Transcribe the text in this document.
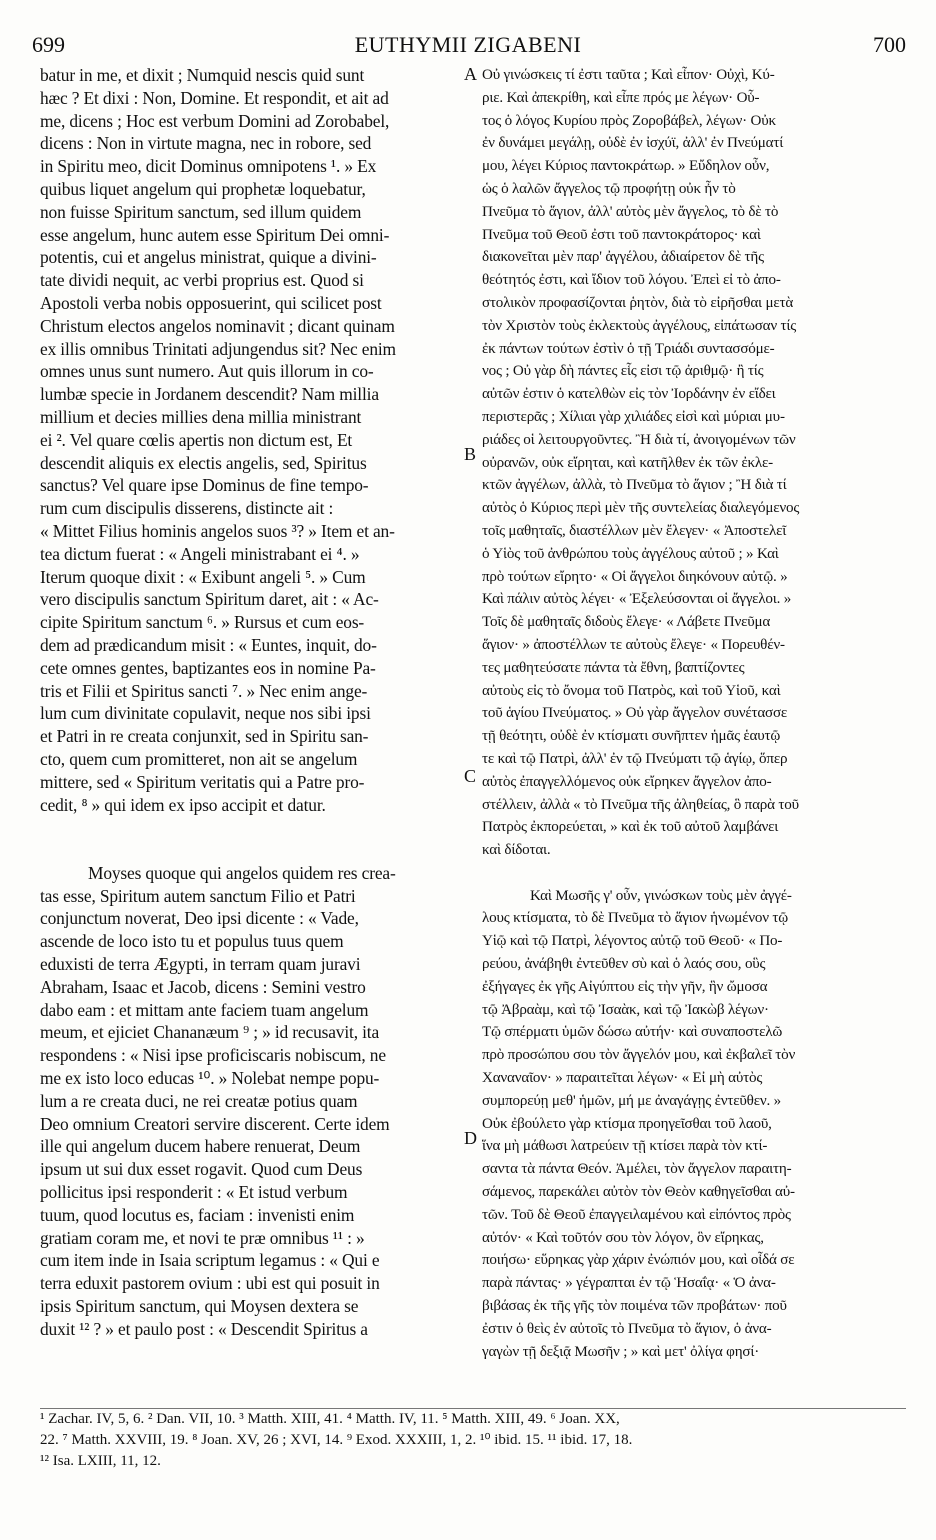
699	EUTHYMII ZIGABENI	700
batur in me, et dixit ; Numquid nescis quid sunt
hæc ? Et dixi : Non, Domine. Et respondit, et ait ad
me, dicens ; Hoc est verbum Domini ad Zorobabel,
dicens : Non in virtute magna, nec in robore, sed
in Spiritu meo, dicit Dominus omnipotens ¹. » Ex
quibus liquet angelum qui prophetæ loquebatur,
non fuisse Spiritum sanctum, sed illum quidem
esse angelum, hunc autem esse Spiritum Dei omni-
potentis, cui et angelus ministrat, quique a divini-
tate dividi nequit, ac verbi proprius est. Quod si
Apostoli verba nobis opposuerint, qui scilicet post
Christum electos angelos nominavit ; dicant quinam
ex illis omnibus Trinitati adjungendus sit? Nec enim
omnes unus sunt numero. Aut quis illorum in co-
lumbæ specie in Jordanem descendit? Nam millia
millium et decies millies dena millia ministrant
ei ². Vel quare cœlis apertis non dictum est, Et
descendit aliquis ex electis angelis, sed, Spiritus
sanctus? Vel quare ipse Dominus de fine tempo-
rum cum discipulis disserens, distincte ait :
« Mittet Filius hominis angelos suos ³? » Item et an-
tea dictum fuerat : « Angeli ministrabant ei ⁴. »
Iterum quoque dixit : « Exibunt angeli ⁵. » Cum
vero discipulis sanctum Spiritum daret, ait : « Ac-
cipite Spiritum sanctum ⁶. » Rursus et cum eos-
dem ad prædicandum misit : « Euntes, inquit, do-
cete omnes gentes, baptizantes eos in nomine Pa-
tris et Filii et Spiritus sancti ⁷. » Nec enim ange-
lum cum divinitate copulavit, neque nos sibi ipsi
et Patri in re creata conjunxit, sed in Spiritu san-
cto, quem cum promitteret, non ait se angelum
mittere, sed « Spiritum veritatis qui a Patre pro-
cedit, ⁸ » qui idem ex ipso accipit et datur.
Moyses quoque qui angelos quidem res crea-
tas esse, Spiritum autem sanctum Filio et Patri
conjunctum noverat, Deo ipsi dicente : « Vade,
ascende de loco isto tu et populus tuus quem
eduxisti de terra Ægypti, in terram quam juravi
Abraham, Isaac et Jacob, dicens : Semini vestro
dabo eam : et mittam ante faciem tuam angelum
meum, et ejiciet Chananæum ⁹ ; » id recusavit, ita
respondens : « Nisi ipse proficiscaris nobiscum, ne
me ex isto loco educas ¹⁰. » Nolebat nempe popu-
lum a re creata duci, ne rei creatæ potius quam
Deo omnium Creatori servire discerent. Certe idem
ille qui angelum ducem habere renuerat, Deum
ipsum ut sui dux esset rogavit. Quod cum Deus
pollicitus ipsi responderit : « Et istud verbum
tuum, quod locutus es, faciam : invenisti enim
gratiam coram me, et novi te præ omnibus ¹¹ : »
cum item inde in Isaia scriptum legamus : « Qui e
terra eduxit pastorem ovium : ubi est qui posuit in
ipsis Spiritum sanctum, qui Moysen dextera se
duxit ¹² ? » et paulo post : « Descendit Spiritus a
Οὐ γινώσκεις τί ἐστι ταῦτα ; Καὶ εἶπον· Οὐχὶ, Κύ-
ριε. Καὶ ἀπεκρίθη, καὶ εἶπε πρός με λέγων· Οὗ-
τος ὁ λόγος Κυρίου πρὸς Ζοροβάβελ, λέγων· Οὐκ
ἐν δυνάμει μεγάλῃ, οὐδὲ ἐν ἰσχύϊ, ἀλλ' ἐν Πνεύματί
μου, λέγει Κύριος παντοκράτωρ. » Εὔδηλον οὖν,
ὡς ὁ λαλῶν ἄγγελος τῷ προφήτῃ οὐκ ἦν τὸ
Πνεῦμα τὸ ἅγιον, ἀλλ' αὐτὸς μὲν ἄγγελος, τὸ δὲ τὸ
Πνεῦμα τοῦ Θεοῦ ἐστι τοῦ παντοκράτορος· καὶ
διακονεῖται μὲν παρ' ἀγγέλου, ἀδιαίρετον δὲ τῆς
θεότητός ἐστι, καὶ ἴδιον τοῦ λόγου. Ἐπεὶ εἰ τὸ ἀπο-
στολικὸν προφασίζονται ῥητὸν, διὰ τὸ εἰρῆσθαι μετὰ
τὸν Χριστὸν τοὺς ἐκλεκτοὺς ἀγγέλους, εἰπάτωσαν τίς
ἐκ πάντων τούτων ἐστὶν ὁ τῇ Τριάδι συντασσόμε-
νος ; Οὐ γὰρ δὴ πάντες εἷς εἰσι τῷ ἀριθμῷ· ἢ τίς
αὐτῶν ἐστιν ὁ κατελθὼν εἰς τὸν Ἰορδάνην ἐν εἴδει
περιστερᾶς ; Χίλιαι γὰρ χιλιάδες εἰσὶ καὶ μύριαι μυ-
ριάδες οἱ λειτουργοῦντες. Ἢ διὰ τί, ἀνοιγομένων τῶν
οὐρανῶν, οὐκ εἴρηται, καὶ κατῆλθεν ἐκ τῶν ἐκλε-
κτῶν ἀγγέλων, ἀλλὰ, τὸ Πνεῦμα τὸ ἅγιον ; Ἢ διὰ τί
αὐτὸς ὁ Κύριος περὶ μὲν τῆς συντελείας διαλεγόμενος
τοῖς μαθηταῖς, διαστέλλων μὲν ἔλεγεν· « Ἀποστελεῖ
ὁ Υἱὸς τοῦ ἀνθρώπου τοὺς ἀγγέλους αὐτοῦ ; » Καὶ
πρὸ τούτων εἴρητο· « Οἱ ἄγγελοι διηκόνουν αὐτῷ. »
Καὶ πάλιν αὐτὸς λέγει· « Ἐξελεύσονται οἱ ἄγγελοι. »
Τοῖς δὲ μαθηταῖς διδοὺς ἔλεγε· « Λάβετε Πνεῦμα
ἅγιον· » ἀποστέλλων τε αὐτοὺς ἔλεγε· « Πορευθέν-
τες μαθητεύσατε πάντα τὰ ἔθνη, βαπτίζοντες
αὐτοὺς εἰς τὸ ὄνομα τοῦ Πατρὸς, καὶ τοῦ Υἱοῦ, καὶ
τοῦ ἁγίου Πνεύματος. » Οὐ γὰρ ἄγγελον συνέτασσε
τῇ θεότητι, οὐδὲ ἐν κτίσματι συνῆπτεν ἡμᾶς ἑαυτῷ
τε καὶ τῷ Πατρὶ, ἀλλ' ἐν τῷ Πνεύματι τῷ ἁγίῳ, ὅπερ
αὐτὸς ἐπαγγελλόμενος οὐκ εἴρηκεν ἄγγελον ἀπο-
στέλλειν, ἀλλὰ « τὸ Πνεῦμα τῆς ἀληθείας, ὃ παρὰ τοῦ
Πατρὸς ἐκπορεύεται, » καὶ ἐκ τοῦ αὐτοῦ λαμβάνει
καὶ δίδοται.
Καὶ Μωσῆς γ' οὖν, γινώσκων τοὺς μὲν ἀγγέ-
λους κτίσματα, τὸ δὲ Πνεῦμα τὸ ἅγιον ἡνωμένον τῷ
Υἱῷ καὶ τῷ Πατρὶ, λέγοντος αὐτῷ τοῦ Θεοῦ· « Πο-
ρεύου, ἀνάβηθι ἐντεῦθεν σὺ καὶ ὁ λαός σου, οὓς
ἐξήγαγες ἐκ γῆς Αἰγύπτου εἰς τὴν γῆν, ἣν ὤμοσα
τῷ Ἀβραὰμ, καὶ τῷ Ἰσαὰκ, καὶ τῷ Ἰακὼβ λέγων·
Τῷ σπέρματι ὑμῶν δώσω αὐτήν· καὶ συναποστελῶ
πρὸ προσώπου σου τὸν ἄγγελόν μου, καὶ ἐκβαλεῖ τὸν
Χαναναῖον· » παραιτεῖται λέγων· « Εἰ μὴ αὐτὸς
συμπορεύῃ μεθ' ἡμῶν, μή με ἀναγάγῃς ἐντεῦθεν. »
Οὐκ ἐβούλετο γὰρ κτίσμα προηγεῖσθαι τοῦ λαοῦ,
ἵνα μὴ μάθωσι λατρεύειν τῇ κτίσει παρὰ τὸν κτί-
σαντα τὰ πάντα Θεόν. Ἀμέλει, τὸν ἄγγελον παραιτη-
σάμενος, παρεκάλει αὐτὸν τὸν Θεὸν καθηγεῖσθαι αὐ-
τῶν. Τοῦ δὲ Θεοῦ ἐπαγγειλαμένου καὶ εἰπόντος πρὸς
αὐτόν· « Καὶ τοῦτόν σου τὸν λόγον, ὃν εἴρηκας,
ποιήσω· εὕρηκας γὰρ χάριν ἐνώπιόν μου, καὶ οἶδά σε
παρὰ πάντας· » γέγραπται ἐν τῷ Ἡσαΐᾳ· « Ὁ ἀνα-
βιβάσας ἐκ τῆς γῆς τὸν ποιμένα τῶν προβάτων· ποῦ
ἐστιν ὁ θεὶς ἐν αὐτοῖς τὸ Πνεῦμα τὸ ἅγιον, ὁ ἀνα-
γαγὼν τῇ δεξιᾷ Μωσῆν ; » καὶ μετ' ὀλίγα φησί·
A
B
C
D
¹ Zachar. IV, 5, 6. ² Dan. VII, 10. ³ Matth. XIII, 41. ⁴ Matth. IV, 11. ⁵ Matth. XIII, 49. ⁶ Joan. XX,
22. ⁷ Matth. XXVIII, 19. ⁸ Joan. XV, 26 ; XVI, 14. ⁹ Exod. XXXIII, 1, 2. ¹⁰ ibid. 15. ¹¹ ibid. 17, 18.
¹² Isa. LXIII, 11, 12.
